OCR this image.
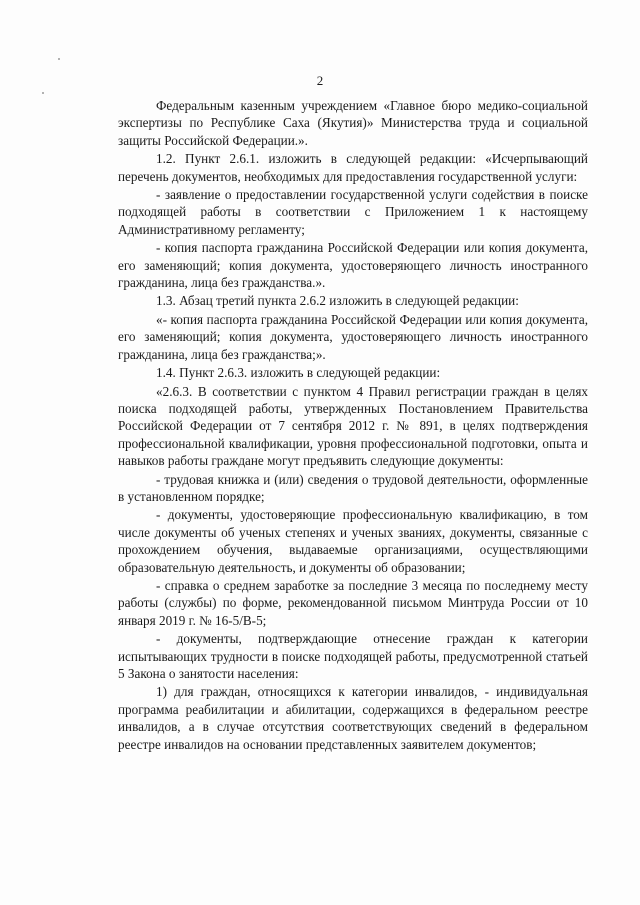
2

Федеральным казенным учреждением «Главное бюро медико-социальной экспертизы по Республике Саха (Якутия)» Министерства труда и социальной защиты Российской Федерации.».

1.2. Пункт 2.6.1. изложить в следующей редакции: «Исчерпывающий перечень документов, необходимых для предоставления государственной услуги:

- заявление о предоставлении государственной услуги содействия в поиске подходящей работы в соответствии с Приложением 1 к настоящему Административному регламенту;

- копия паспорта гражданина Российской Федерации или копия документа, его заменяющий; копия документа, удостоверяющего личность иностранного гражданина, лица без гражданства.».

1.3. Абзац третий пункта 2.6.2 изложить в следующей редакции:

«- копия паспорта гражданина Российской Федерации или копия документа, его заменяющий; копия документа, удостоверяющего личность иностранного гражданина, лица без гражданства;».

1.4. Пункт 2.6.3. изложить в следующей редакции:

«2.6.3. В соответствии с пунктом 4 Правил регистрации граждан в целях поиска подходящей работы, утвержденных Постановлением Правительства Российской Федерации от 7 сентября 2012 г. № 891, в целях подтверждения профессиональной квалификации, уровня профессиональной подготовки, опыта и навыков работы граждане могут предъявить следующие документы:

- трудовая книжка и (или) сведения о трудовой деятельности, оформленные в установленном порядке;

- документы, удостоверяющие профессиональную квалификацию, в том числе документы об ученых степенях и ученых званиях, документы, связанные с прохождением обучения, выдаваемые организациями, осуществляющими образовательную деятельность, и документы об образовании;

- справка о среднем заработке за последние 3 месяца по последнему месту работы (службы) по форме, рекомендованной письмом Минтруда России от 10 января 2019 г. № 16-5/В-5;

- документы, подтверждающие отнесение граждан к категории испытывающих трудности в поиске подходящей работы, предусмотренной статьей 5 Закона о занятости населения:

1) для граждан, относящихся к категории инвалидов, - индивидуальная программа реабилитации и абилитации, содержащихся в федеральном реестре инвалидов, а в случае отсутствия соответствующих сведений в федеральном реестре инвалидов на основании представленных заявителем документов;
